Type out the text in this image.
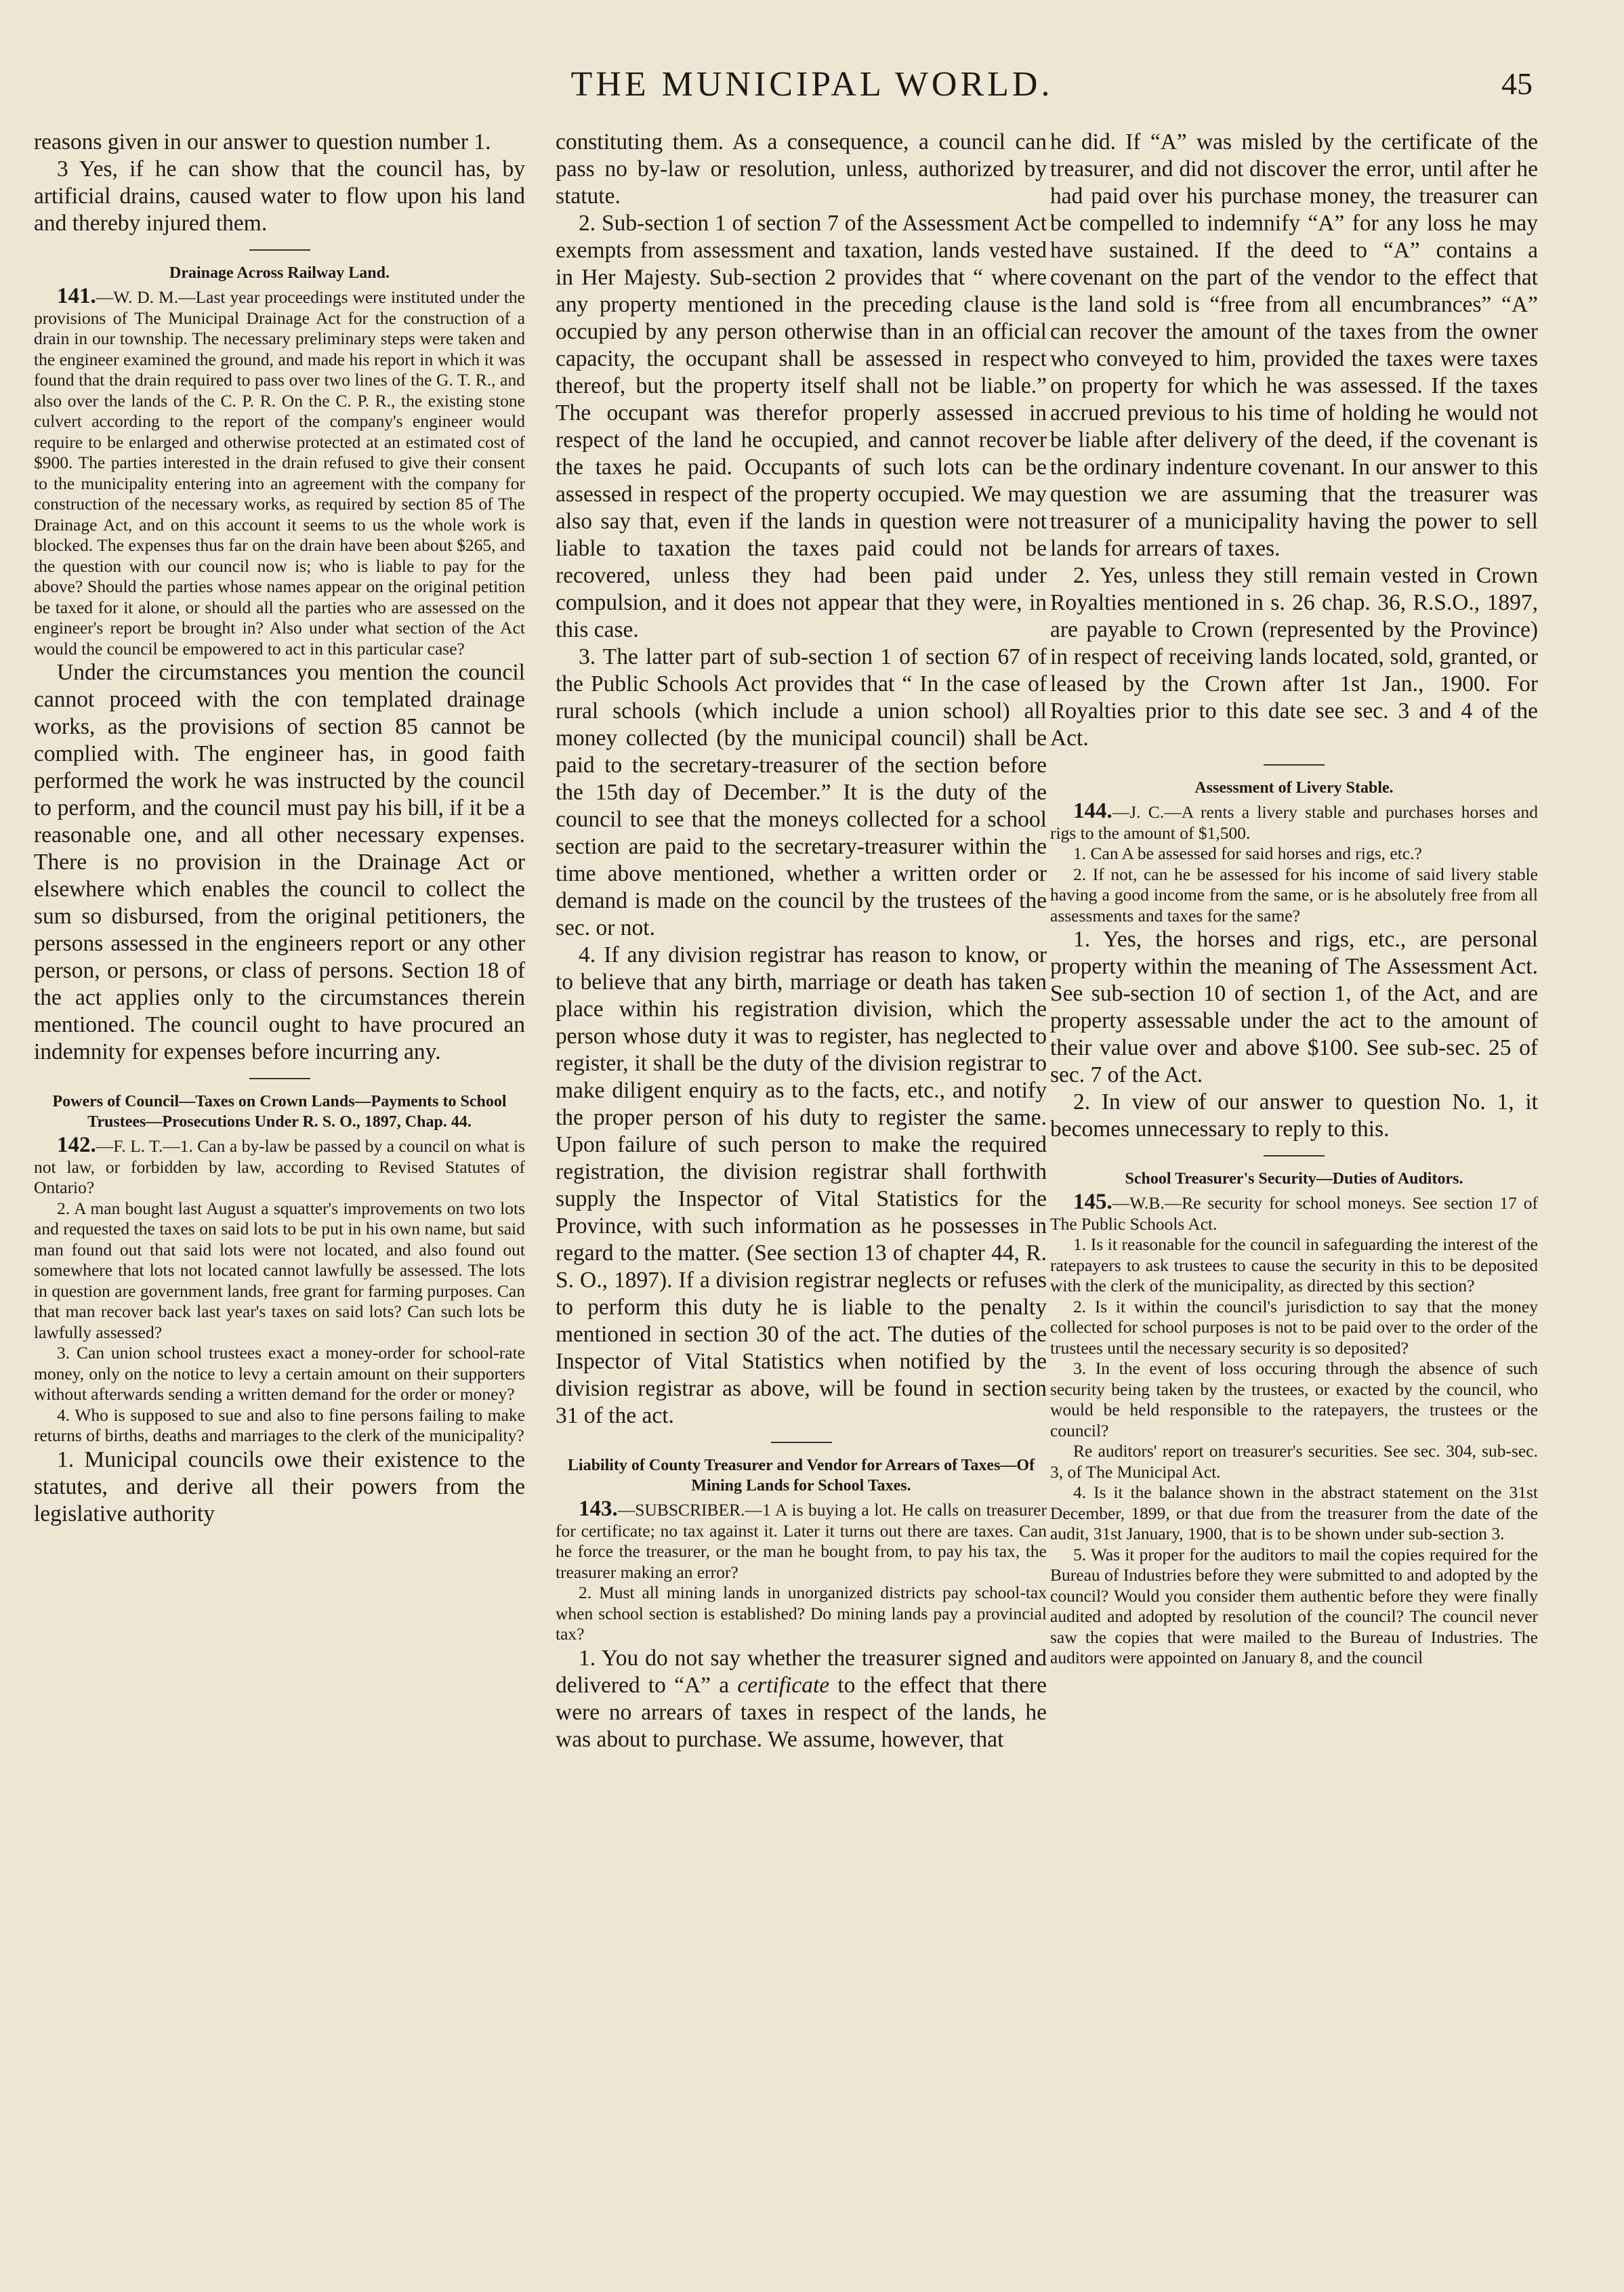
THE MUNICIPAL WORLD.	45

reasons given in our answer to question number 1.

3 Yes, if he can show that the council has, by artificial drains, caused water to flow upon his land and thereby injured them.

Drainage Across Railway Land.

141.—W. D. M.—Last year proceedings were instituted under the provisions of The Municipal Drainage Act for the construction of a drain in our township. The necessary preliminary steps were taken and the engineer examined the ground, and made his report in which it was found that the drain required to pass over two lines of the G. T. R., and also over the lands of the C. P. R. On the C. P. R., the existing stone culvert according to the report of the company's engineer would require to be enlarged and otherwise protected at an estimated cost of $900. The parties interested in the drain refused to give their consent to the municipality entering into an agreement with the company for construction of the necessary works, as required by section 85 of The Drainage Act, and on this account it seems to us the whole work is blocked. The expenses thus far on the drain have been about $265, and the question with our council now is; who is liable to pay for the above? Should the parties whose names appear on the original petition be taxed for it alone, or should all the parties who are assessed on the engineer's report be brought in? Also under what section of the Act would the council be empowered to act in this particular case?

Under the circumstances you mention the council cannot proceed with the con templated drainage works, as the provisions of section 85 cannot be complied with. The engineer has, in good faith performed the work he was instructed by the council to perform, and the council must pay his bill, if it be a reasonable one, and all other necessary expenses. There is no provision in the Drainage Act or elsewhere which enables the council to collect the sum so disbursed, from the original petitioners, the persons assessed in the engineers report or any other person, or persons, or class of persons. Section 18 of the act applies only to the circumstances therein mentioned. The council ought to have procured an indemnity for expenses before incurring any.

Powers of Council—Taxes on Crown Lands—Payments to School Trustees—Prosecutions Under R. S. O., 1897, Chap. 44.

142.—F. L. T.—1. Can a by-law be passed by a council on what is not law, or forbidden by law, according to Revised Statutes of Ontario?

2. A man bought last August a squatter's improvements on two lots and requested the taxes on said lots to be put in his own name, but said man found out that said lots were not located, and also found out somewhere that lots not located cannot lawfully be assessed. The lots in question are government lands, free grant for farming purposes. Can that man recover back last year's taxes on said lots? Can such lots be lawfully assessed?

3. Can union school trustees exact a money-order for school-rate money, only on the notice to levy a certain amount on their supporters without afterwards sending a written demand for the order or money?

4. Who is supposed to sue and also to fine persons failing to make returns of births, deaths and marriages to the clerk of the municipality?

1. Municipal councils owe their existence to the statutes, and derive all their powers from the legislative authority

constituting them. As a consequence, a council can pass no by-law or resolution, unless, authorized by statute.

2. Sub-section 1 of section 7 of the Assessment Act exempts from assessment and taxation, lands vested in Her Majesty. Sub-section 2 provides that “ where any property mentioned in the preceding clause is occupied by any person otherwise than in an official capacity, the occupant shall be assessed in respect thereof, but the property itself shall not be liable.” The occupant was therefor properly assessed in respect of the land he occupied, and cannot recover the taxes he paid. Occupants of such lots can be assessed in respect of the property occupied. We may also say that, even if the lands in question were not liable to taxation the taxes paid could not be recovered, unless they had been paid under compulsion, and it does not appear that they were, in this case.

3. The latter part of sub-section 1 of section 67 of the Public Schools Act provides that “ In the case of rural schools (which include a union school) all money collected (by the municipal council) shall be paid to the secretary-treasurer of the section before the 15th day of December.” It is the duty of the council to see that the moneys collected for a school section are paid to the secretary-treasurer within the time above mentioned, whether a written order or demand is made on the council by the trustees of the sec. or not.

4. If any division registrar has reason to know, or to believe that any birth, marriage or death has taken place within his registration division, which the person whose duty it was to register, has neglected to register, it shall be the duty of the division registrar to make diligent enquiry as to the facts, etc., and notify the proper person of his duty to register the same. Upon failure of such person to make the required registration, the division registrar shall forthwith supply the Inspector of Vital Statistics for the Province, with such information as he possesses in regard to the matter. (See section 13 of chapter 44, R. S. O., 1897). If a division registrar neglects or refuses to perform this duty he is liable to the penalty mentioned in section 30 of the act. The duties of the Inspector of Vital Statistics when notified by the division registrar as above, will be found in section 31 of the act.

Liability of County Treasurer and Vendor for Arrears of Taxes—Of Mining Lands for School Taxes.

143.—SUBSCRIBER.—1 A is buying a lot. He calls on treasurer for certificate; no tax against it. Later it turns out there are taxes. Can he force the treasurer, or the man he bought from, to pay his tax, the treasurer making an error?

2. Must all mining lands in unorganized districts pay school-tax when school section is established? Do mining lands pay a provincial tax?

1. You do not say whether the treasurer signed and delivered to “A” a certificate to the effect that there were no arrears of taxes in respect of the lands, he was about to purchase. We assume, however, that

he did. If “A” was misled by the certificate of the treasurer, and did not discover the error, until after he had paid over his purchase money, the treasurer can be compelled to indemnify “A” for any loss he may have sustained. If the deed to “A” contains a covenant on the part of the vendor to the effect that the land sold is “free from all encumbrances” “A” can recover the amount of the taxes from the owner who conveyed to him, provided the taxes were taxes on property for which he was assessed. If the taxes accrued previous to his time of holding he would not be liable after delivery of the deed, if the covenant is the ordinary indenture covenant. In our answer to this question we are assuming that the treasurer was treasurer of a municipality having the power to sell lands for arrears of taxes.

2. Yes, unless they still remain vested in Crown Royalties mentioned in s. 26 chap. 36, R.S.O., 1897, are payable to Crown (represented by the Province) in respect of receiving lands located, sold, granted, or leased by the Crown after 1st Jan., 1900. For Royalties prior to this date see sec. 3 and 4 of the Act.

Assessment of Livery Stable.

144.—J. C.—A rents a livery stable and purchases horses and rigs to the amount of $1,500.

1. Can A be assessed for said horses and rigs, etc.?

2. If not, can he be assessed for his income of said livery stable having a good income from the same, or is he absolutely free from all assessments and taxes for the same?

1. Yes, the horses and rigs, etc., are personal property within the meaning of The Assessment Act. See sub-section 10 of section 1, of the Act, and are property assessable under the act to the amount of their value over and above $100. See sub-sec. 25 of sec. 7 of the Act.

2. In view of our answer to question No. 1, it becomes unnecessary to reply to this.

School Treasurer's Security—Duties of Auditors.

145.—W.B.—Re security for school moneys. See section 17 of The Public Schools Act.

1. Is it reasonable for the council in safeguarding the interest of the ratepayers to ask trustees to cause the security in this to be deposited with the clerk of the municipality, as directed by this section?

2. Is it within the council's jurisdiction to say that the money collected for school purposes is not to be paid over to the order of the trustees until the necessary security is so deposited?

3. In the event of loss occuring through the absence of such security being taken by the trustees, or exacted by the council, who would be held responsible to the ratepayers, the trustees or the council?

Re auditors' report on treasurer's securities. See sec. 304, sub-sec. 3, of The Municipal Act.

4. Is it the balance shown in the abstract statement on the 31st December, 1899, or that due from the treasurer from the date of the audit, 31st January, 1900, that is to be shown under sub-section 3.

5. Was it proper for the auditors to mail the copies required for the Bureau of Industries before they were submitted to and adopted by the council? Would you consider them authentic before they were finally audited and adopted by resolution of the council? The council never saw the copies that were mailed to the Bureau of Industries. The auditors were appointed on January 8, and the council
